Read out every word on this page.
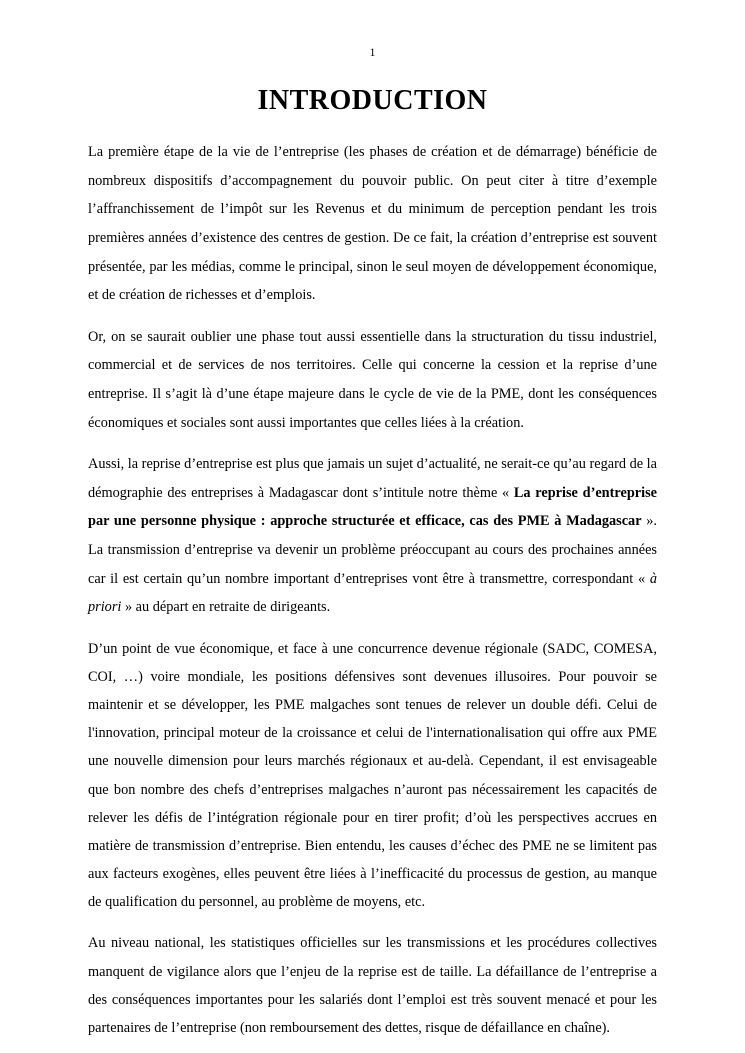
1
INTRODUCTION

La première étape de la vie de l’entreprise (les phases de création et de démarrage) bénéficie de nombreux dispositifs d’accompagnement du pouvoir public. On peut citer à titre d’exemple l’affranchissement de l’impôt sur les Revenus et du minimum de perception pendant les trois premières années d’existence des centres de gestion. De ce fait, la création d’entreprise est souvent présentée, par les médias, comme le principal, sinon le seul moyen de développement économique, et de création de richesses et d’emplois.

Or, on se saurait oublier une phase tout aussi essentielle dans la structuration du tissu industriel, commercial et de services de nos territoires. Celle qui concerne la cession et la reprise d’une entreprise. Il s’agit là d’une étape majeure dans le cycle de vie de la PME, dont les conséquences économiques et sociales sont aussi importantes que celles liées à la création.

Aussi, la reprise d’entreprise est plus que jamais un sujet d’actualité, ne serait-ce qu’au regard de la démographie des entreprises à Madagascar dont s’intitule notre thème « La reprise d’entreprise par une personne physique : approche structurée et efficace, cas des PME à Madagascar ». La transmission d’entreprise va devenir un problème préoccupant au cours des prochaines années car il est certain qu’un nombre important d’entreprises vont être à transmettre, correspondant « à priori » au départ en retraite de dirigeants.

D’un point de vue économique, et face à une concurrence devenue régionale (SADC, COMESA, COI, …) voire mondiale, les positions défensives sont devenues illusoires. Pour pouvoir se maintenir et se développer, les PME malgaches sont tenues de relever un double défi. Celui de l'innovation, principal moteur de la croissance et celui de l'internationalisation qui offre aux PME une nouvelle dimension pour leurs marchés régionaux et au-delà. Cependant, il est envisageable que bon nombre des chefs d’entreprises malgaches n’auront pas nécessairement les capacités de relever les défis de l’intégration régionale pour en tirer profit; d’où les perspectives accrues en matière de transmission d’entreprise. Bien entendu, les causes d’échec des PME ne se limitent pas aux facteurs exogènes, elles peuvent être liées à l’inefficacité du processus de gestion, au manque de qualification du personnel, au problème de moyens, etc.

Au niveau national, les statistiques officielles sur les transmissions et les procédures collectives manquent de vigilance alors que l’enjeu de la reprise est de taille. La défaillance de l’entreprise a des conséquences importantes pour les salariés dont l’emploi est très souvent menacé et pour les partenaires de l’entreprise (non remboursement des dettes, risque de défaillance en chaîne).
